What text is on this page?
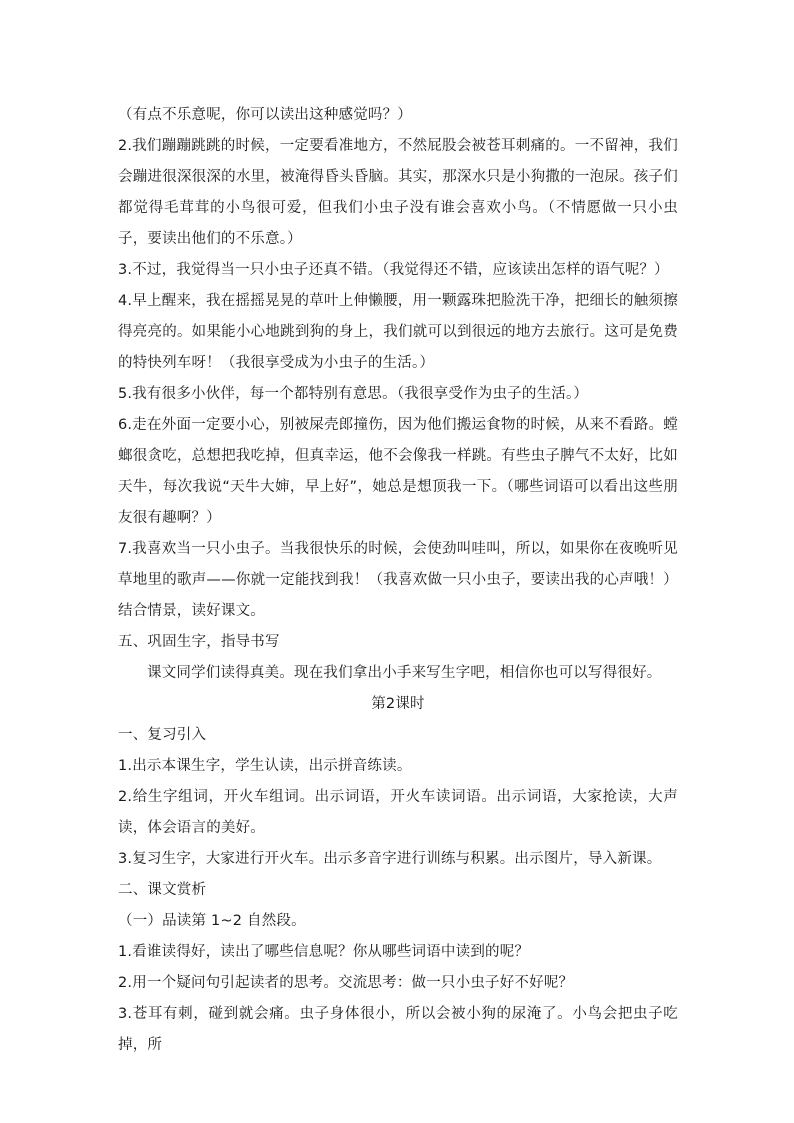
（有点不乐意呢，你可以读出这种感觉吗？）

2.我们蹦蹦跳跳的时候，一定要看准地方，不然屁股会被苍耳刺痛的。一不留神，我们会蹦进很深很深的水里，被淹得昏头昏脑。其实，那深水只是小狗撒的一泡尿。孩子们都觉得毛茸茸的小鸟很可爱，但我们小虫子没有谁会喜欢小鸟。（不情愿做一只小虫子，要读出他们的不乐意。）

3.不过，我觉得当一只小虫子还真不错。（我觉得还不错，应该读出怎样的语气呢？）

4.早上醒来，我在摇摇晃晃的草叶上伸懒腰，用一颗露珠把脸洗干净，把细长的触须擦得亮亮的。如果能小心地跳到狗的身上，我们就可以到很远的地方去旅行。这可是免费的特快列车呀！（我很享受成为小虫子的生活。）

5.我有很多小伙伴，每一个都特别有意思。（我很享受作为虫子的生活。）

6.走在外面一定要小心，别被屎壳郎撞伤，因为他们搬运食物的时候，从来不看路。螳螂很贪吃，总想把我吃掉，但真幸运，他不会像我一样跳。有些虫子脾气不太好，比如天牛，每次我说“天牛大婶，早上好”，她总是想顶我一下。（哪些词语可以看出这些朋友很有趣啊？）

7.我喜欢当一只小虫子。当我很快乐的时候，会使劲叫哇叫，所以，如果你在夜晚听见草地里的歌声——你就一定能找到我！（我喜欢做一只小虫子，要读出我的心声哦！）结合情景，读好课文。

五、巩固生字，指导书写

课文同学们读得真美。现在我们拿出小手来写生字吧，相信你也可以写得很好。

第2课时

一、复习引入

1.出示本课生字，学生认读，出示拼音练读。

2.给生字组词，开火车组词。出示词语，开火车读词语。出示词语，大家抢读，大声读，体会语言的美好。

3.复习生字，大家进行开火车。出示多音字进行训练与积累。出示图片，导入新课。

二、课文赏析

（一）品读第 1~2 自然段。

1.看谁读得好，读出了哪些信息呢？你从哪些词语中读到的呢？

2.用一个疑问句引起读者的思考。交流思考：做一只小虫子好不好呢？

3.苍耳有刺，碰到就会痛。虫子身体很小，所以会被小狗的尿淹了。小鸟会把虫子吃掉，所
